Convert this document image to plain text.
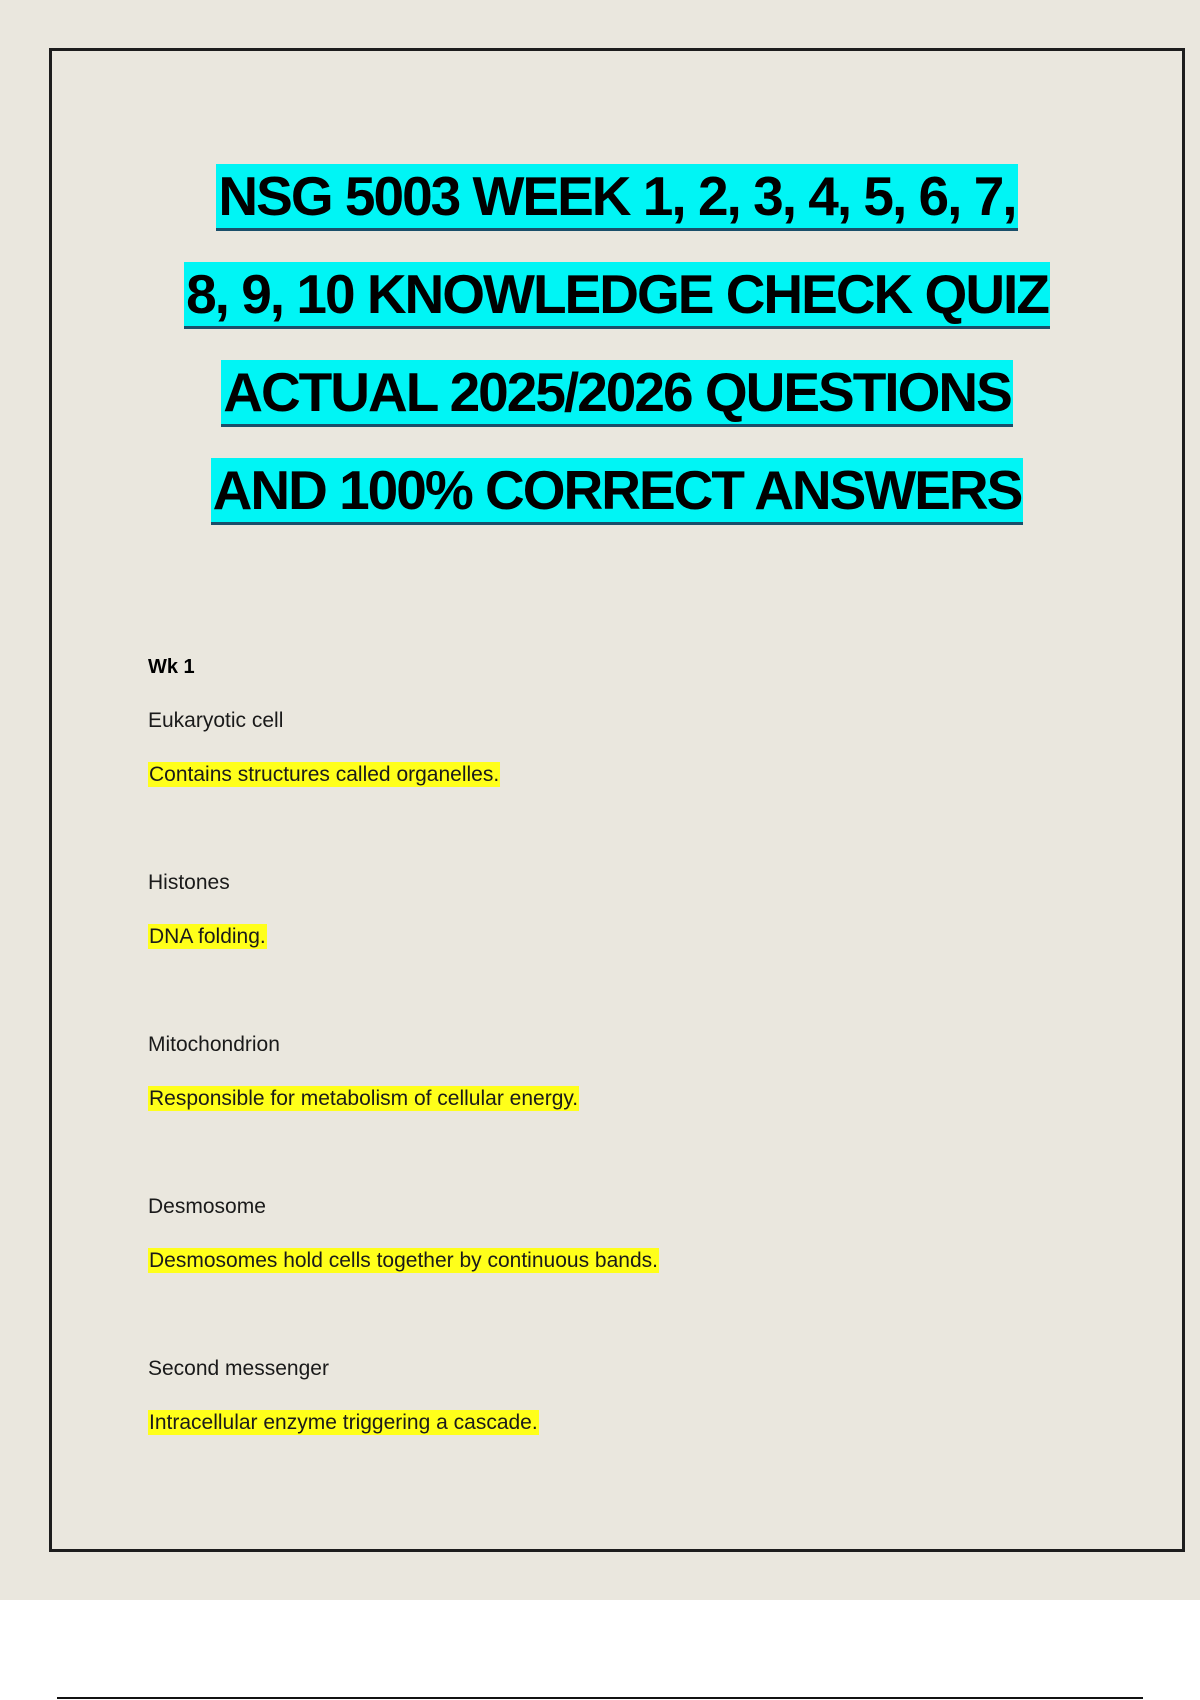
NSG 5003 WEEK 1, 2, 3, 4, 5, 6, 7,
8, 9, 10 KNOWLEDGE CHECK QUIZ
ACTUAL 2025/2026 QUESTIONS
AND 100% CORRECT ANSWERS
Wk 1
Eukaryotic cell
Contains structures called organelles.
Histones
DNA folding.
Mitochondrion
Responsible for metabolism of cellular energy.
Desmosome
Desmosomes hold cells together by continuous bands.
Second messenger
Intracellular enzyme triggering a cascade.
